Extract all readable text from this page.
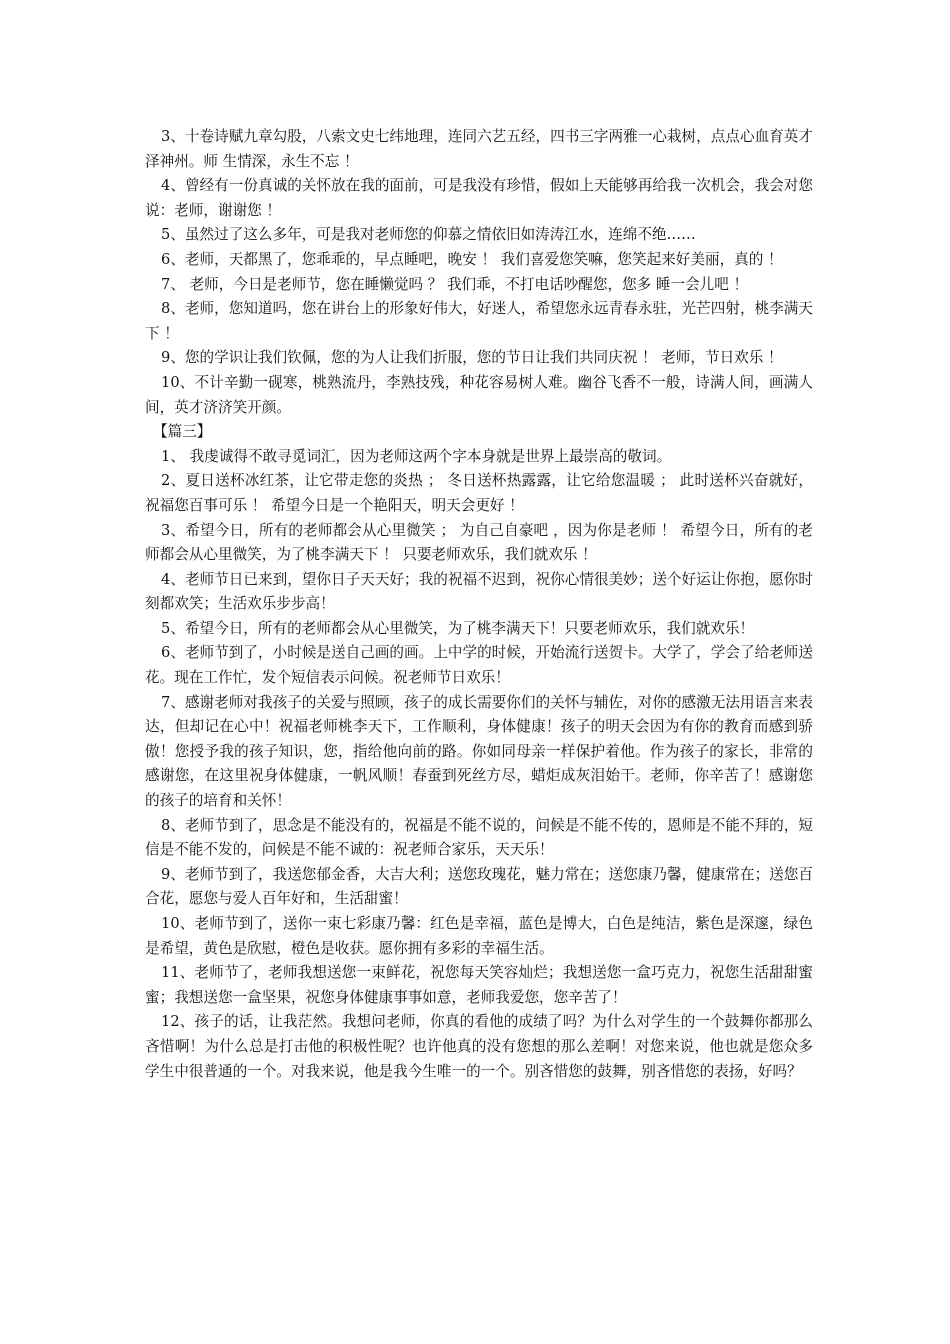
3、十卷诗赋九章勾股，八索文史七纬地理，连同六艺五经，四书三字两雅一心栽树，点点心血育英才泽神州。师 生情深，永生不忘 ！

4、曾经有一份真诚的关怀放在我的面前，可是我没有珍惜，假如上天能够再给我一次机会，我会对您说：老师，谢谢您 ！

5、虽然过了这么多年，可是我对老师您的仰慕之情依旧如涛涛江水，连绵不绝……

6、老师，天都黑了，您乖乖的，早点睡吧，晚安 ！ 我们喜爱您笑嘛，您笑起来好美丽，真的 ！

7、 老师，今日是老师节，您在睡懒觉吗 ？ 我们乖，不打电话吵醒您，您多 睡一会儿吧 ！

8、老师，您知道吗，您在讲台上的形象好伟大，好迷人，希望您永远青春永驻，光芒四射，桃李满天下 ！

9、您的学识让我们钦佩，您的为人让我们折服，您的节日让我们共同庆祝 ！ 老师，节日欢乐 ！

10、不计辛勤一砚寒，桃熟流丹，李熟技残，种花容易树人难。幽谷飞香不一般，诗满人间，画满人间，英才济济笑开颜。

【篇三】

1、 我虔诚得不敢寻觅词汇，因为老师这两个字本身就是世界上最崇高的敬词。

2、夏日送杯冰红茶，让它带走您的炎热 ； 冬日送杯热露露，让它给您温暖 ； 此时送杯兴奋就好，祝福您百事可乐 ！ 希望今日是一个艳阳天，明天会更好 ！

3、希望今日，所有的老师都会从心里微笑 ； 为自己自豪吧 ，因为你是老师 ！ 希望今日，所有的老师都会从心里微笑，为了桃李满天下 ！ 只要老师欢乐，我们就欢乐 ！

4、老师节日已来到，望你日子天天好；我的祝福不迟到，祝你心情很美妙；送个好运让你抱，愿你时刻都欢笑；生活欢乐步步高！

5、希望今日，所有的老师都会从心里微笑，为了桃李满天下！只要老师欢乐，我们就欢乐！

6、老师节到了，小时候是送自己画的画。上中学的时候，开始流行送贺卡。大学了，学会了给老师送花。现在工作忙，发个短信表示问候。祝老师节日欢乐！

7、感谢老师对我孩子的关爱与照顾，孩子的成长需要你们的关怀与辅佐，对你的感激无法用语言来表达，但却记在心中！祝福老师桃李天下，工作顺利，身体健康！孩子的明天会因为有你的教育而感到骄傲！您授予我的孩子知识，您，指给他向前的路。你如同母亲一样保护着他。作为孩子的家长，非常的感谢您，在这里祝身体健康，一帆风顺！春蚕到死丝方尽，蜡炬成灰泪始干。老师，你辛苦了！感谢您的孩子的培育和关怀！

8、老师节到了，思念是不能没有的，祝福是不能不说的，问候是不能不传的，恩师是不能不拜的，短信是不能不发的，问候是不能不诚的：祝老师合家乐，天天乐！

9、老师节到了，我送您郁金香，大吉大利；送您玫瑰花，魅力常在；送您康乃馨，健康常在；送您百合花，愿您与爱人百年好和，生活甜蜜！

10、老师节到了，送你一束七彩康乃馨：红色是幸福，蓝色是博大，白色是纯洁，紫色是深邃，绿色是希望，黄色是欣慰，橙色是收获。愿你拥有多彩的幸福生活。

11、老师节了，老师我想送您一束鲜花，祝您每天笑容灿烂；我想送您一盒巧克力，祝您生活甜甜蜜蜜；我想送您一盒坚果，祝您身体健康事事如意，老师我爱您，您辛苦了！

12、孩子的话，让我茫然。我想问老师，你真的看他的成绩了吗？为什么对学生的一个鼓舞你都那么吝惜啊！为什么总是打击他的积极性呢？也许他真的没有您想的那么差啊！对您来说，他也就是您众多学生中很普通的一个。对我来说，他是我今生唯一的一个。别吝惜您的鼓舞，别吝惜您的表扬，好吗？
